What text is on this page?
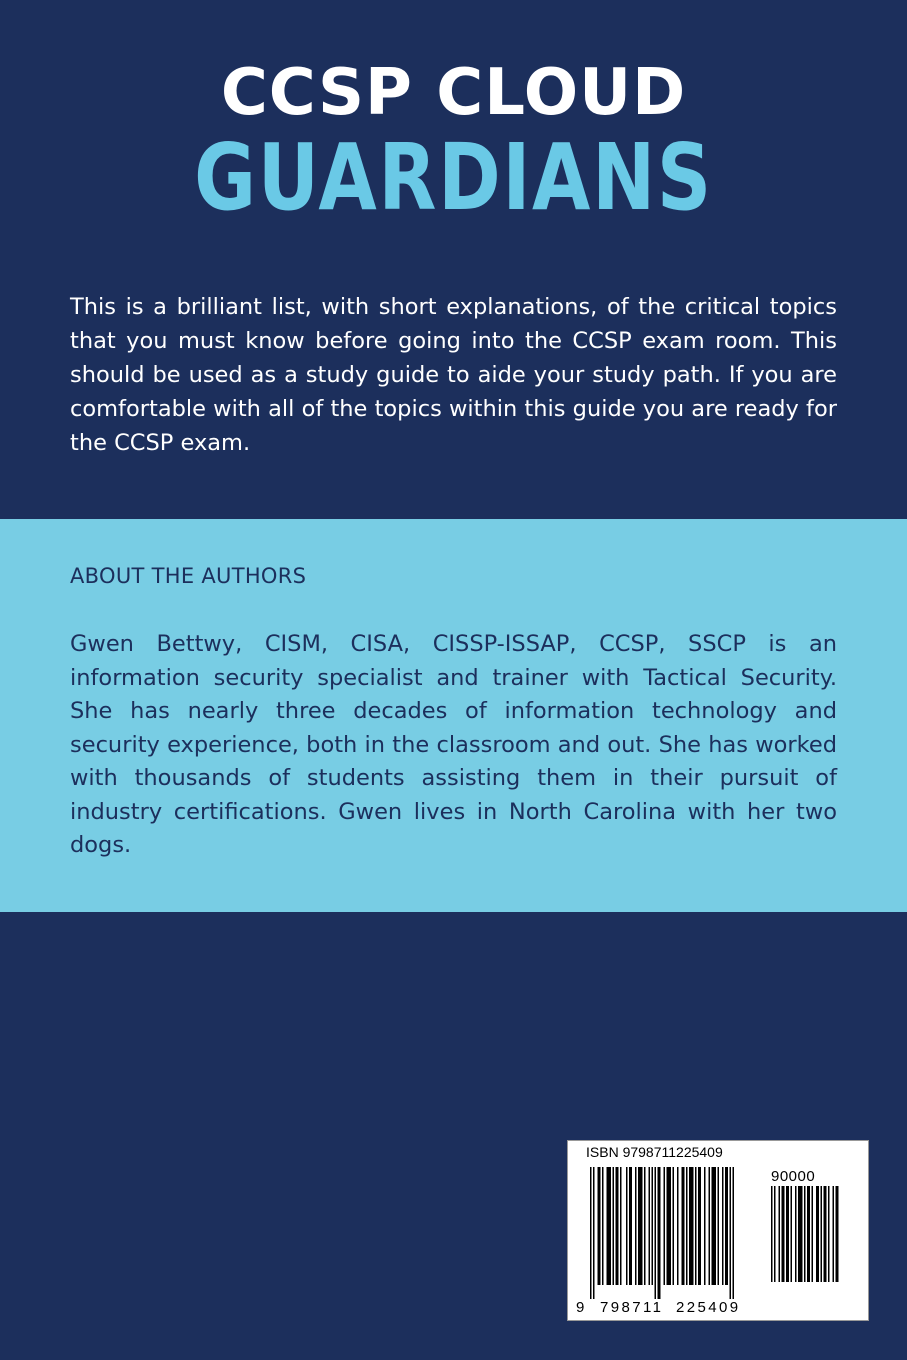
CCSP CLOUD
GUARDIANS

This is a brilliant list, with short explanations, of the critical topics that you must know before going into the CCSP exam room. This should be used as a study guide to aide your study path. If you are comfortable with all of the topics within this guide you are ready for the CCSP exam.

ABOUT THE AUTHORS

Gwen Bettwy, CISM, CISA, CISSP-ISSAP, CCSP, SSCP is an information security specialist and trainer with Tactical Security. She has nearly three decades of information technology and security experience, both in the classroom and out. She has worked with thousands of students assisting them in their pursuit of industry certifications. Gwen lives in North Carolina with her two dogs.

ISBN 9798711225409
90000
9 798711 225409
